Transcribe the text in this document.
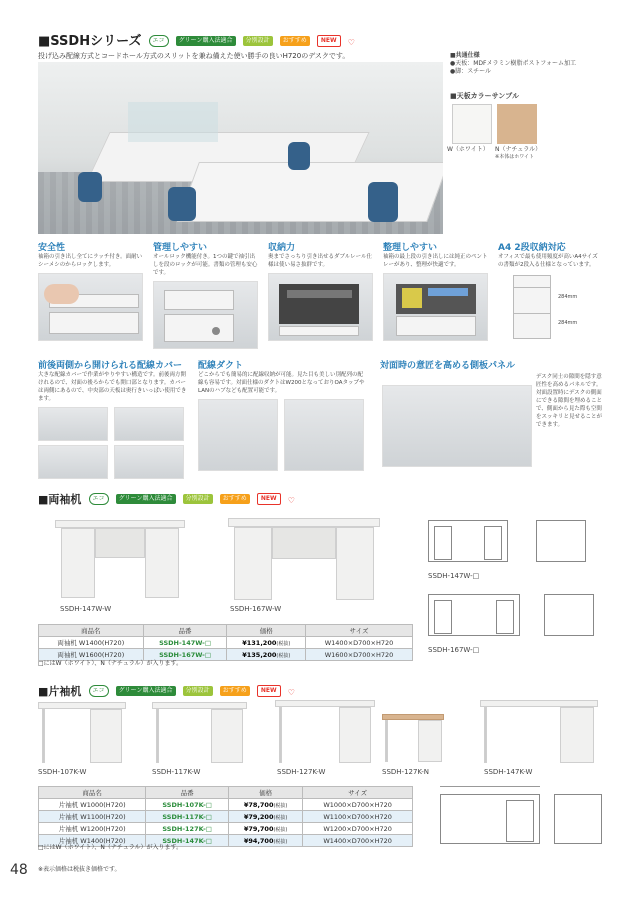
■SSDHシリーズ エコ グリーン購入法適合 分別設計 おすすめ NEW ♡
投げ込み配線方式とコードホール方式のスリットを兼ね備えた使い勝手の良いH720のデスクです。	■共通仕様
●天板：MDFメラミン樹脂ポストフォーム加工
●脚：スチール
■天板カラーサンプル
W（ホワイト） N（ナチュラル）
※本体はホワイト
安全性
袖箱の引き出し全てにラッチ付き。面耐いシーメシのからロックします。
管理しやすい
オールロック機能付き。1つの鍵で袖引出しを段のロックが可能。書類の管理も安心です。
収納力
奥までさっちり引き出せるダブルレール仕様は使い易さ抜群です。
整理しやすい
袖箱の最上段の引き出しには純正のペントレーがあり、整理が快適です。
A4 2段収納対応
オフィスで最も使用頻度が高いA4サイズの書類が2段入る仕様となっています。
284mm
284mm
前後両側から開けられる配線カバー
大きな配線カバーで作業がやりやすい構造です。前後両方開けれるので、対面の後ろからでも開口部となります。カバーは両側にあるので、中央部の天板は奥行きいっぱい使用できます。
配線ダクト
どこからでも簡易的に配線収納が可能。見た目も美しい別配列の配線も容易です。対面仕様のダクトはW200となっておりOAタップやLANのハブなども配置可能です。
対面時の意匠を高める側板パネル
デスク同士の隙間を隠す意匠性を高めるパネルです。対面設置時にデスクの側面にできる隙間を埋めることで、側面から見た際も空間をスッキリと見せることができます。
■両袖机 エコ グリーン購入法適合 分別設計 おすすめ NEW ♡
SSDH-147W-W	SSDH-167W-W
SSDH-147W-□
SSDH-167W-□
商品名	品番	価格	サイズ
両袖机 W1400(H720)	SSDH-147W-□	¥131,200(税抜)	W1400×D700×H720
両袖机 W1600(H720)	SSDH-167W-□	¥135,200(税抜)	W1600×D700×H720
□にはW（ホワイト）、N（ナチュラル）が入ります。
■片袖机 エコ グリーン購入法適合 分別設計 おすすめ NEW ♡
SSDH-107K-W	SSDH-117K-W	SSDH-127K-W	SSDH-127K-N	SSDH-147K-W
商品名	品番	価格	サイズ
片袖机 W1000(H720)	SSDH-107K-□	¥78,700(税抜)	W1000×D700×H720
片袖机 W1100(H720)	SSDH-117K-□	¥79,200(税抜)	W1100×D700×H720
片袖机 W1200(H720)	SSDH-127K-□	¥79,700(税抜)	W1200×D700×H720
片袖机 W1400(H720)	SSDH-147K-□	¥94,700(税抜)	W1400×D700×H720
□にはW（ホワイト）、N（ナチュラル）が入ります。
48 ※表示価格は税抜き価格です。
